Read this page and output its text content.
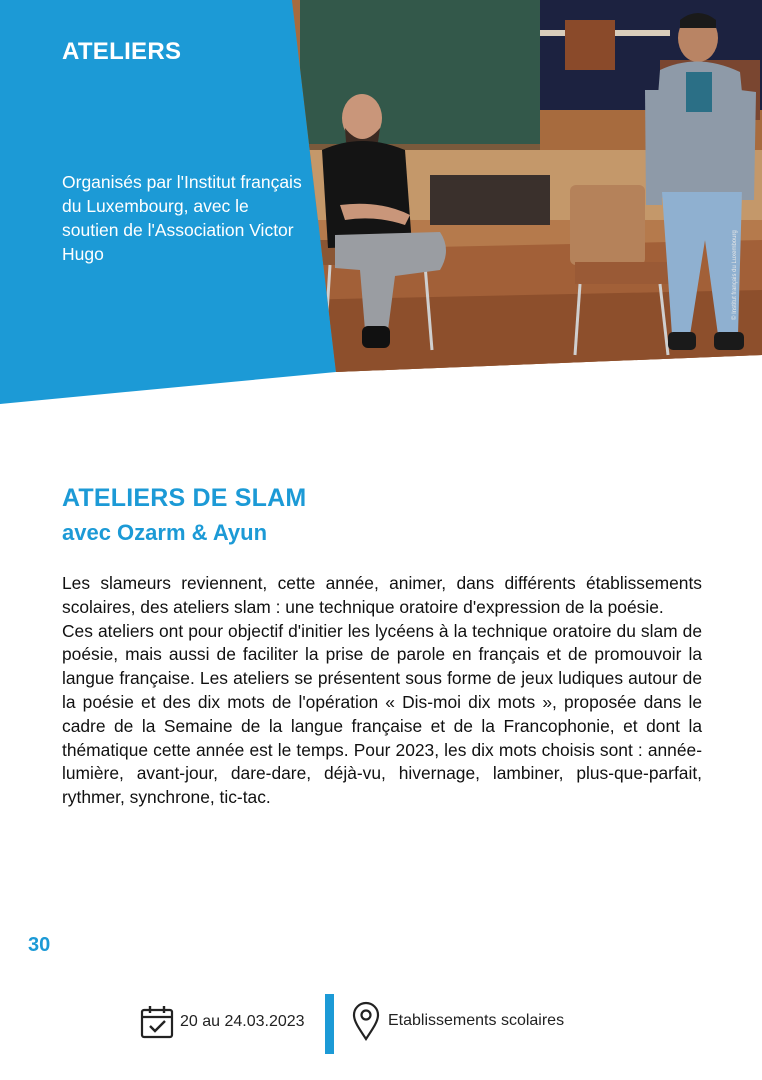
ATELIERS
Organisés par l'Institut français du Luxembourg, avec le soutien de l'Association Victor Hugo	© Institut français du Luxembourg
ATELIERS DE SLAM
avec Ozarm & Ayun

Les slameurs reviennent, cette année, animer, dans différents établissements scolaires, des ateliers slam : une technique oratoire d'expression de la poésie.

Ces ateliers ont pour objectif d'initier les lycéens à la technique oratoire du slam de poésie, mais aussi de faciliter la prise de parole en français et de promouvoir la langue française. Les ateliers se présentent sous forme de jeux ludiques autour de la poésie et des dix mots de l'opération « Dis-moi dix mots », proposée dans le cadre de la Semaine de la langue française et de la Francophonie, et dont la thématique cette année est le temps. Pour 2023, les dix mots choisis sont : année-lumière, avant-jour, dare-dare, déjà-vu, hivernage, lambiner, plus-que-parfait, rythmer, synchrone, tic-tac.

30
20 au 24.03.2023	Etablissements scolaires
